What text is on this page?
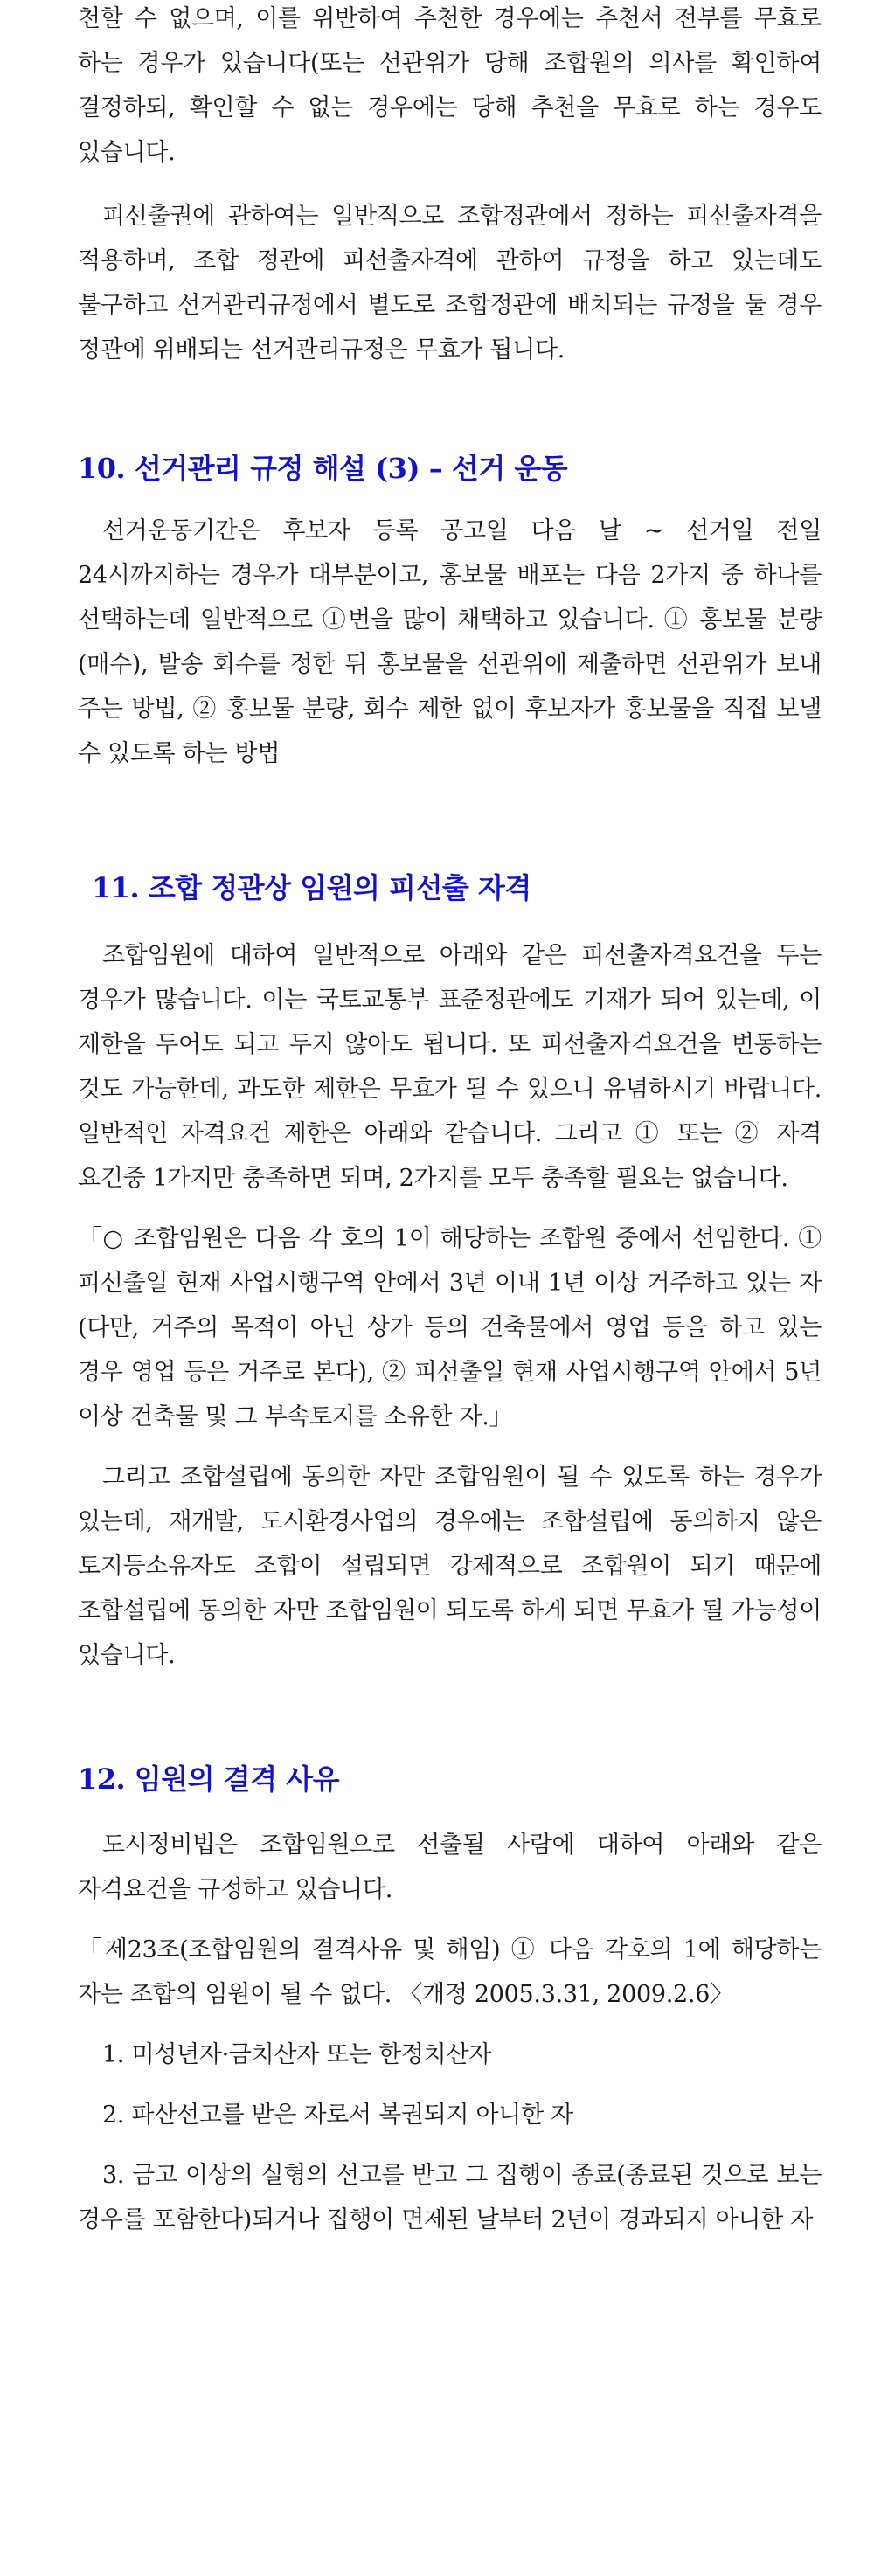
천할 수 없으며, 이를 위반하여 추천한 경우에는 추천서 전부를 무효로 하는 경우가 있습니다(또는 선관위가 당해 조합원의 의사를 확인하여 결정하되, 확인할 수 없는 경우에는 당해 추천을 무효로 하는 경우도 있습니다.

피선출권에 관하여는 일반적으로 조합정관에서 정하는 피선출자격을 적용하며, 조합 정관에 피선출자격에 관하여 규정을 하고 있는데도 불구하고 선거관리규정에서 별도로 조합정관에 배치되는 규정을 둘 경우 정관에 위배되는 선거관리규정은 무효가 됩니다.

10. 선거관리 규정 해설 (3) – 선거 운동

선거운동기간은 후보자 등록 공고일 다음 날 ~ 선거일 전일 24시까지하는 경우가 대부분이고, 홍보물 배포는 다음 2가지 중 하나를 선택하는데 일반적으로 ①번을 많이 채택하고 있습니다. ① 홍보물 분량(매수), 발송 회수를 정한 뒤 홍보물을 선관위에 제출하면 선관위가 보내 주는 방법, ② 홍보물 분량, 회수 제한 없이 후보자가 홍보물을 직접 보낼 수 있도록 하는 방법

11. 조합 정관상 임원의 피선출 자격

조합임원에 대하여 일반적으로 아래와 같은 피선출자격요건을 두는 경우가 많습니다. 이는 국토교통부 표준정관에도 기재가 되어 있는데, 이 제한을 두어도 되고 두지 않아도 됩니다. 또 피선출자격요건을 변동하는 것도 가능한데, 과도한 제한은 무효가 될 수 있으니 유념하시기 바랍니다. 일반적인 자격요건 제한은 아래와 같습니다. 그리고 ① 또는 ② 자격 요건중 1가지만 충족하면 되며, 2가지를 모두 충족할 필요는 없습니다.

「○ 조합임원은 다음 각 호의 1이 해당하는 조합원 중에서 선임한다. ① 피선출일 현재 사업시행구역 안에서 3년 이내 1년 이상 거주하고 있는 자(다만, 거주의 목적이 아닌 상가 등의 건축물에서 영업 등을 하고 있는 경우 영업 등은 거주로 본다), ② 피선출일 현재 사업시행구역 안에서 5년 이상 건축물 및 그 부속토지를 소유한 자.」

그리고 조합설립에 동의한 자만 조합임원이 될 수 있도록 하는 경우가 있는데, 재개발, 도시환경사업의 경우에는 조합설립에 동의하지 않은 토지등소유자도 조합이 설립되면 강제적으로 조합원이 되기 때문에 조합설립에 동의한 자만 조합임원이 되도록 하게 되면 무효가 될 가능성이 있습니다.

12. 임원의 결격 사유

도시정비법은 조합임원으로 선출될 사람에 대하여 아래와 같은 자격요건을 규정하고 있습니다.

「제23조(조합임원의 결격사유 및 해임) ① 다음 각호의 1에 해당하는 자는 조합의 임원이 될 수 없다. 〈개정 2005.3.31, 2009.2.6〉

1. 미성년자·금치산자 또는 한정치산자

2. 파산선고를 받은 자로서 복권되지 아니한 자

3. 금고 이상의 실형의 선고를 받고 그 집행이 종료(종료된 것으로 보는 경우를 포함한다)되거나 집행이 면제된 날부터 2년이 경과되지 아니한 자
